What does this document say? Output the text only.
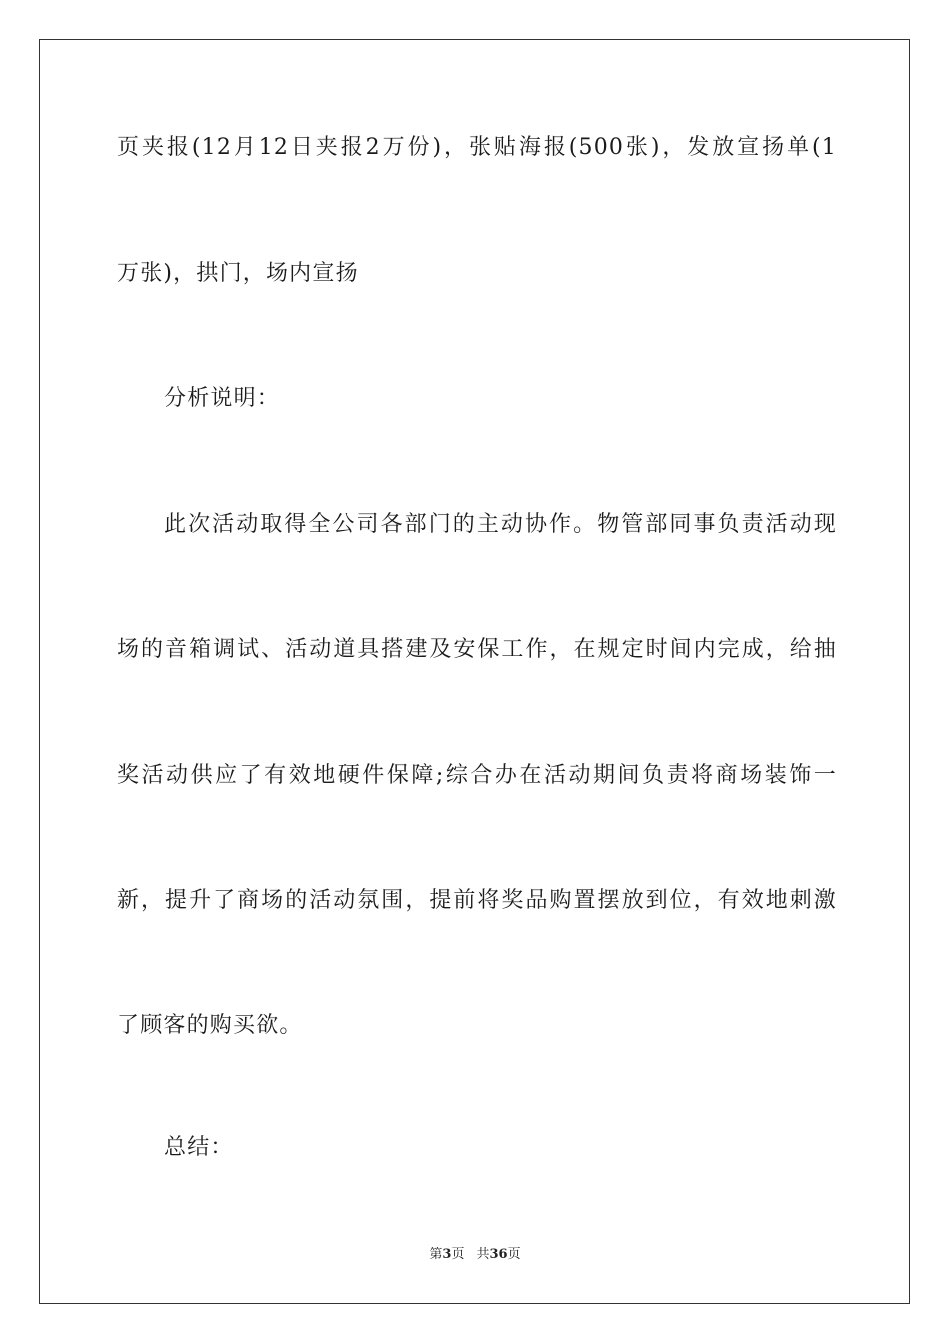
页夹报(12月12日夹报2万份)，张贴海报(500张)，发放宣扬单(1
万张)，拱门，场内宣扬
分析说明：
此次活动取得全公司各部门的主动协作。物管部同事负责活动现
场的音箱调试、活动道具搭建及安保工作，在规定时间内完成，给抽
奖活动供应了有效地硬件保障;综合办在活动期间负责将商场装饰一
新，提升了商场的活动氛围，提前将奖品购置摆放到位，有效地刺激
了顾客的购买欲。
总结：
第3页 共36页
